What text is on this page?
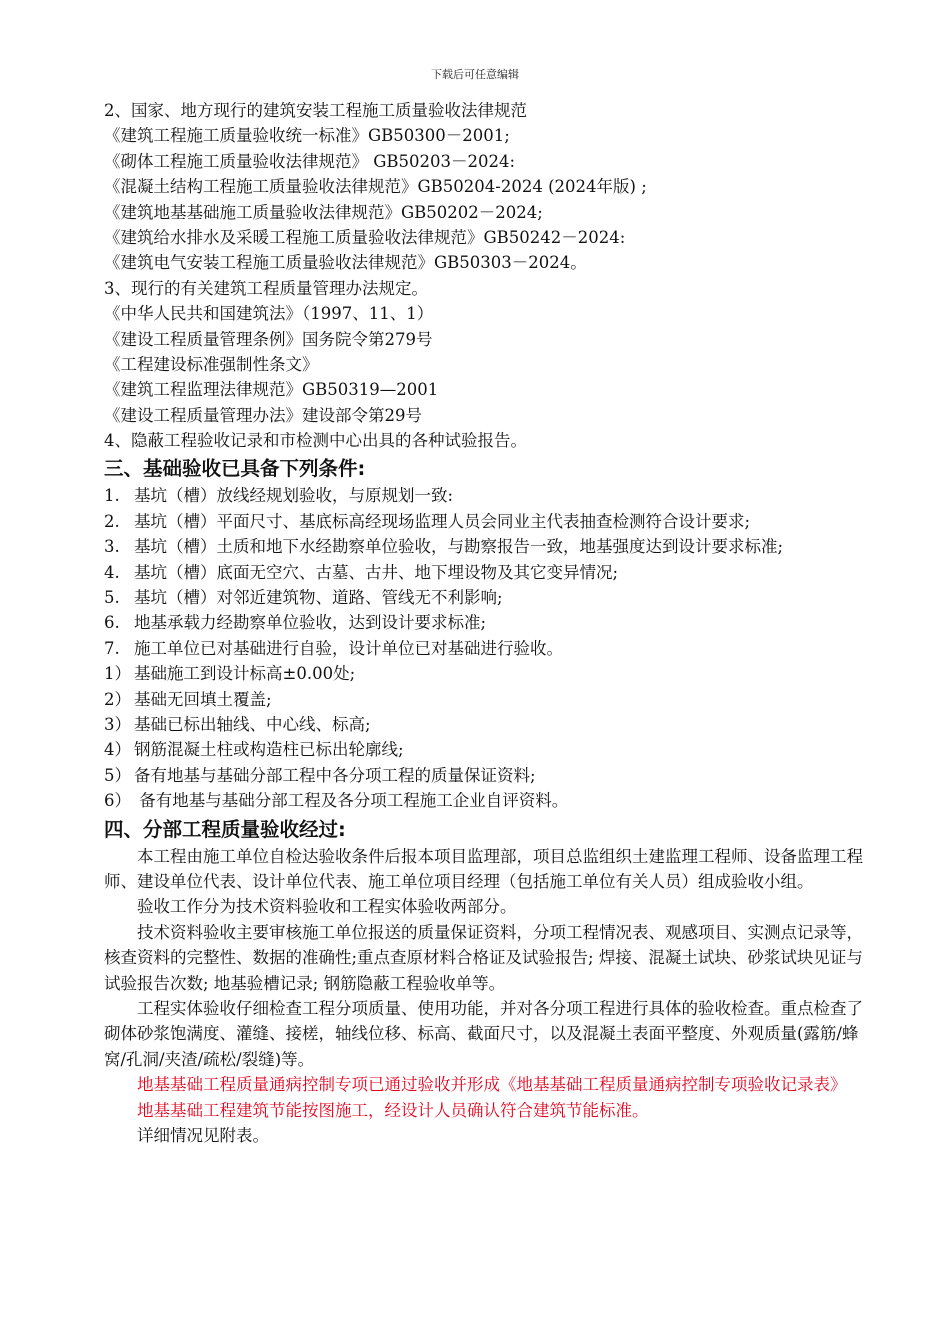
下载后可任意编辑
2、国家、地方现行的建筑安装工程施工质量验收法律规范
《建筑工程施工质量验收统一标准》GB50300－2001;
《砌体工程施工质量验收法律规范》 GB50203－2024:
《混凝土结构工程施工质量验收法律规范》GB50204-2024 (2024年版) ;
《建筑地基基础施工质量验收法律规范》GB50202－2024;
《建筑给水排水及采暖工程施工质量验收法律规范》GB50242－2024:
《建筑电气安装工程施工质量验收法律规范》GB50303－2024。
3、现行的有关建筑工程质量管理办法规定。
《中华人民共和国建筑法》（1997、11、1）
《建设工程质量管理条例》国务院令第279号
《工程建设标准强制性条文》
《建筑工程监理法律规范》GB50319—2001
《建设工程质量管理办法》建设部令第29号
4、隐蔽工程验收记录和市检测中心出具的各种试验报告。
三、基础验收已具备下列条件:
1. 基坑（槽）放线经规划验收，与原规划一致:
2. 基坑（槽）平面尺寸、基底标高经现场监理人员会同业主代表抽查检测符合设计要求;
3. 基坑（槽）土质和地下水经勘察单位验收，与勘察报告一致，地基强度达到设计要求标准;
4. 基坑（槽）底面无空穴、古墓、古井、地下埋设物及其它变异情况;
5. 基坑（槽）对邻近建筑物、道路、管线无不利影响;
6. 地基承载力经勘察单位验收，达到设计要求标准;
7. 施工单位已对基础进行自验，设计单位已对基础进行验收。
1） 基础施工到设计标高±0.00处;
2） 基础无回填土覆盖;
3） 基础已标出轴线、中心线、标高;
4） 钢筋混凝土柱或构造柱已标出轮廓线;
5） 备有地基与基础分部工程中各分项工程的质量保证资料;
6） 备有地基与基础分部工程及各分项工程施工企业自评资料。
四、分部工程质量验收经过:
本工程由施工单位自检达验收条件后报本项目监理部，项目总监组织土建监理工程师、设备监理工程师、建设单位代表、设计单位代表、施工单位项目经理（包括施工单位有关人员）组成验收小组。
验收工作分为技术资料验收和工程实体验收两部分。
技术资料验收主要审核施工单位报送的质量保证资料，分项工程情况表、观感项目、实测点记录等，核查资料的完整性、数据的准确性;重点查原材料合格证及试验报告; 焊接、混凝土试块、砂浆试块见证与试验报告次数; 地基验槽记录; 钢筋隐蔽工程验收单等。
工程实体验收仔细检查工程分项质量、使用功能，并对各分项工程进行具体的验收检查。重点检查了砌体砂浆饱满度、灌缝、接槎，轴线位移、标高、截面尺寸，以及混凝土表面平整度、外观质量(露筋/蜂窝/孔洞/夹渣/疏松/裂缝)等。
地基基础工程质量通病控制专项已通过验收并形成《地基基础工程质量通病控制专项验收记录表》
地基基础工程建筑节能按图施工，经设计人员确认符合建筑节能标准。
详细情况见附表。
